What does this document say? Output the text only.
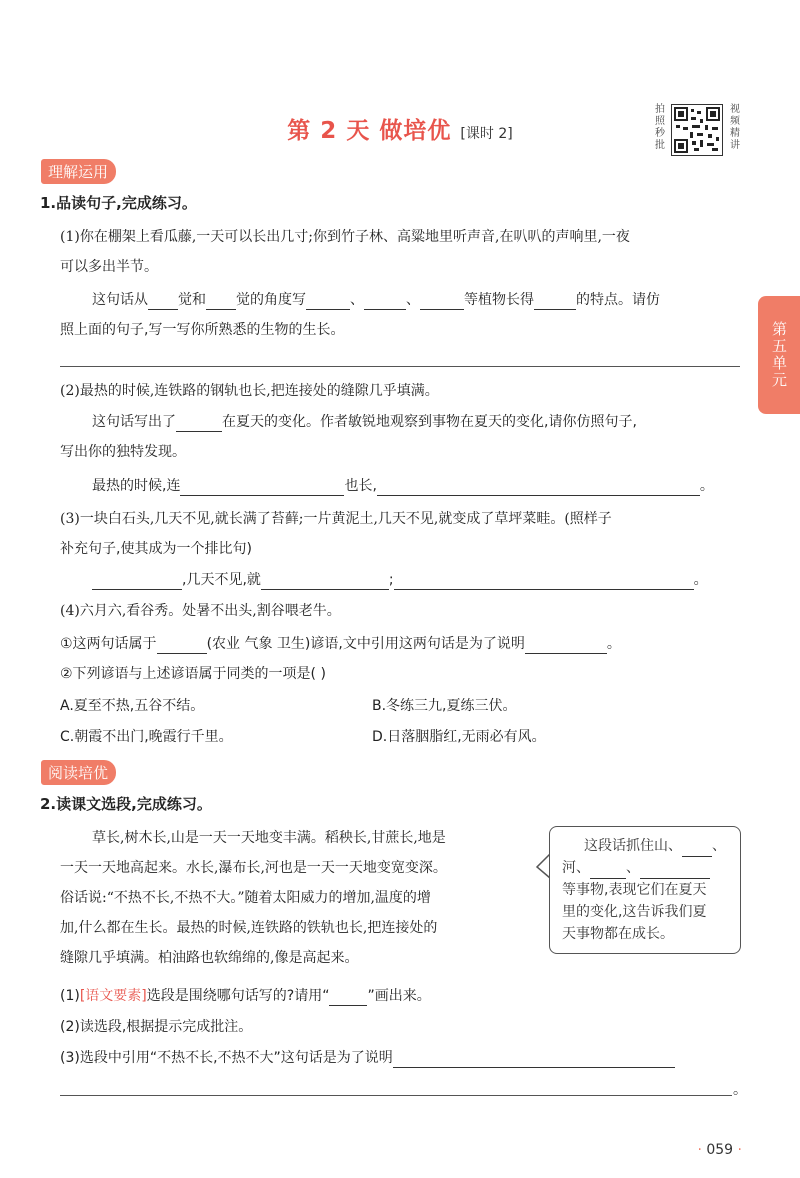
第 2 天 做培优 [课时 2]
拍
照
秒
批
视
频
精
讲
第五单元
理解运用
1.品读句子,完成练习。
(1)你在棚架上看瓜藤,一天可以长出几寸;你到竹子林、高粱地里听声音,在叭叭的声响里,一夜
可以多出半节。
这句话从 觉和 觉的角度写	、	、	等植物长得	的特点。请仿
照上面的句子,写一写你所熟悉的生物的生长。
(2)最热的时候,连铁路的钢轨也长,把连接处的缝隙几乎填满。
这句话写出了	在夏天的变化。作者敏锐地观察到事物在夏天的变化,请你仿照句子,
写出你的独特发现。
最热的时候,连	也长,	。
(3)一块白石头,几天不见,就长满了苔藓;一片黄泥土,几天不见,就变成了草坪菜畦。(照样子
补充句子,使其成为一个排比句)
,几天不见,就	;	。
(4)六月六,看谷秀。处暑不出头,割谷喂老牛。
①这两句话属于	(农业 气象 卫生)谚语,文中引用这两句话是为了说明	。
②下列谚语与上述谚语属于同类的一项是( )
A.夏至不热,五谷不结。	B.冬练三九,夏练三伏。
C.朝霞不出门,晚霞行千里。	D.日落胭脂红,无雨必有风。
阅读培优
2.读课文选段,完成练习。
草长,树木长,山是一天一天地变丰满。稻秧长,甘蔗长,地是
一天一天地高起来。水长,瀑布长,河也是一天一天地变宽变深。
俗话说:“不热不长,不热不大。”随着太阳威力的增加,温度的增
加,什么都在生长。最热的时候,连铁路的铁轨也长,把连接处的
缝隙几乎填满。柏油路也软绵绵的,像是高起来。
这段话抓住山、 、
河、	、
等事物,表现它们在夏天
里的变化,这告诉我们夏
天事物都在成长。
(1)[语文要素]选段是围绕哪句话写的?请用“	”画出来。
(2)读选段,根据提示完成批注。
(3)选段中引用“不热不长,不热不大”这句话是为了说明
。
· 059 ·
